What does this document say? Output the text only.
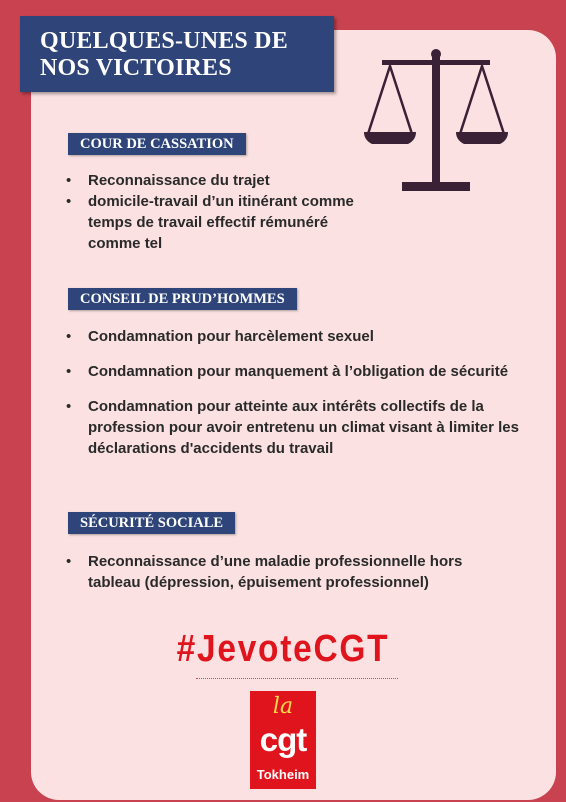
QUELQUES-UNES DE
NOS VICTOIRES
COUR DE CASSATION
• Reconnaissance du trajet
• domicile-travail d’un itinérant comme temps de travail effectif rémunéré comme tel
CONSEIL DE PRUD’HOMMES
• Condamnation pour harcèlement sexuel
• Condamnation pour manquement à l’obligation de sécurité
• Condamnation pour atteinte aux intérêts collectifs de la profession pour avoir entretenu un climat visant à limiter les déclarations d'accidents du travail
SÉCURITÉ SOCIALE
• Reconnaissance d’une maladie professionnelle hors tableau (dépression, épuisement professionnel)
#JevoteCGT
la
cgt
Tokheim
